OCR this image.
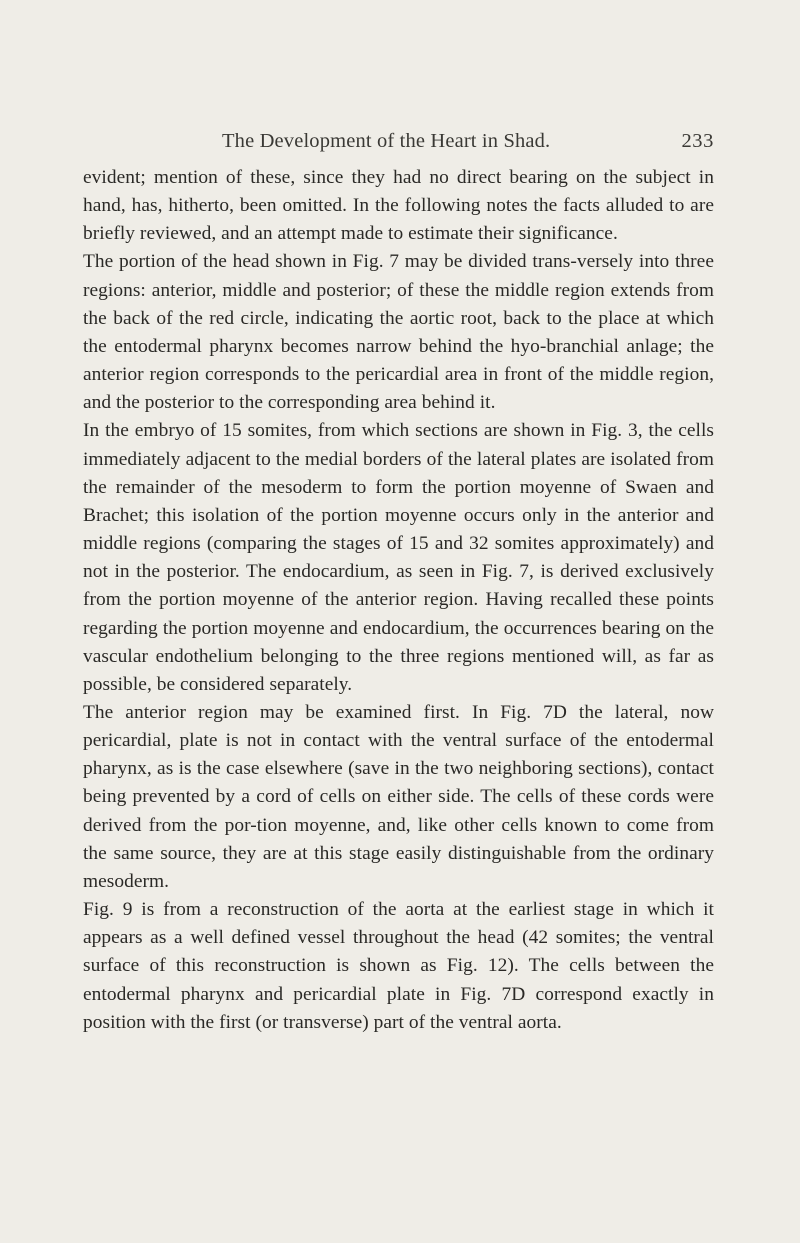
The Development of the Heart in Shad.	233

evident; mention of these, since they had no direct bearing on the subject in hand, has, hitherto, been omitted. In the following notes the facts alluded to are briefly reviewed, and an attempt made to estimate their significance.

The portion of the head shown in Fig. 7 may be divided trans-versely into three regions: anterior, middle and posterior; of these the middle region extends from the back of the red circle, indicating the aortic root, back to the place at which the entodermal pharynx becomes narrow behind the hyo-branchial anlage; the anterior region corresponds to the pericardial area in front of the middle region, and the posterior to the corresponding area behind it.

In the embryo of 15 somites, from which sections are shown in Fig. 3, the cells immediately adjacent to the medial borders of the lateral plates are isolated from the remainder of the mesoderm to form the portion moyenne of Swaen and Brachet; this isolation of the portion moyenne occurs only in the anterior and middle regions (comparing the stages of 15 and 32 somites approximately) and not in the posterior. The endocardium, as seen in Fig. 7, is derived exclusively from the portion moyenne of the anterior region. Having recalled these points regarding the portion moyenne and endocardium, the occurrences bearing on the vascular endothelium belonging to the three regions mentioned will, as far as possible, be considered separately.

The anterior region may be examined first. In Fig. 7D the lateral, now pericardial, plate is not in contact with the ventral surface of the entodermal pharynx, as is the case elsewhere (save in the two neighboring sections), contact being prevented by a cord of cells on either side. The cells of these cords were derived from the por-tion moyenne, and, like other cells known to come from the same source, they are at this stage easily distinguishable from the ordinary mesoderm.

Fig. 9 is from a reconstruction of the aorta at the earliest stage in which it appears as a well defined vessel throughout the head (42 somites; the ventral surface of this reconstruction is shown as Fig. 12). The cells between the entodermal pharynx and pericardial plate in Fig. 7D correspond exactly in position with the first (or transverse) part of the ventral aorta.
